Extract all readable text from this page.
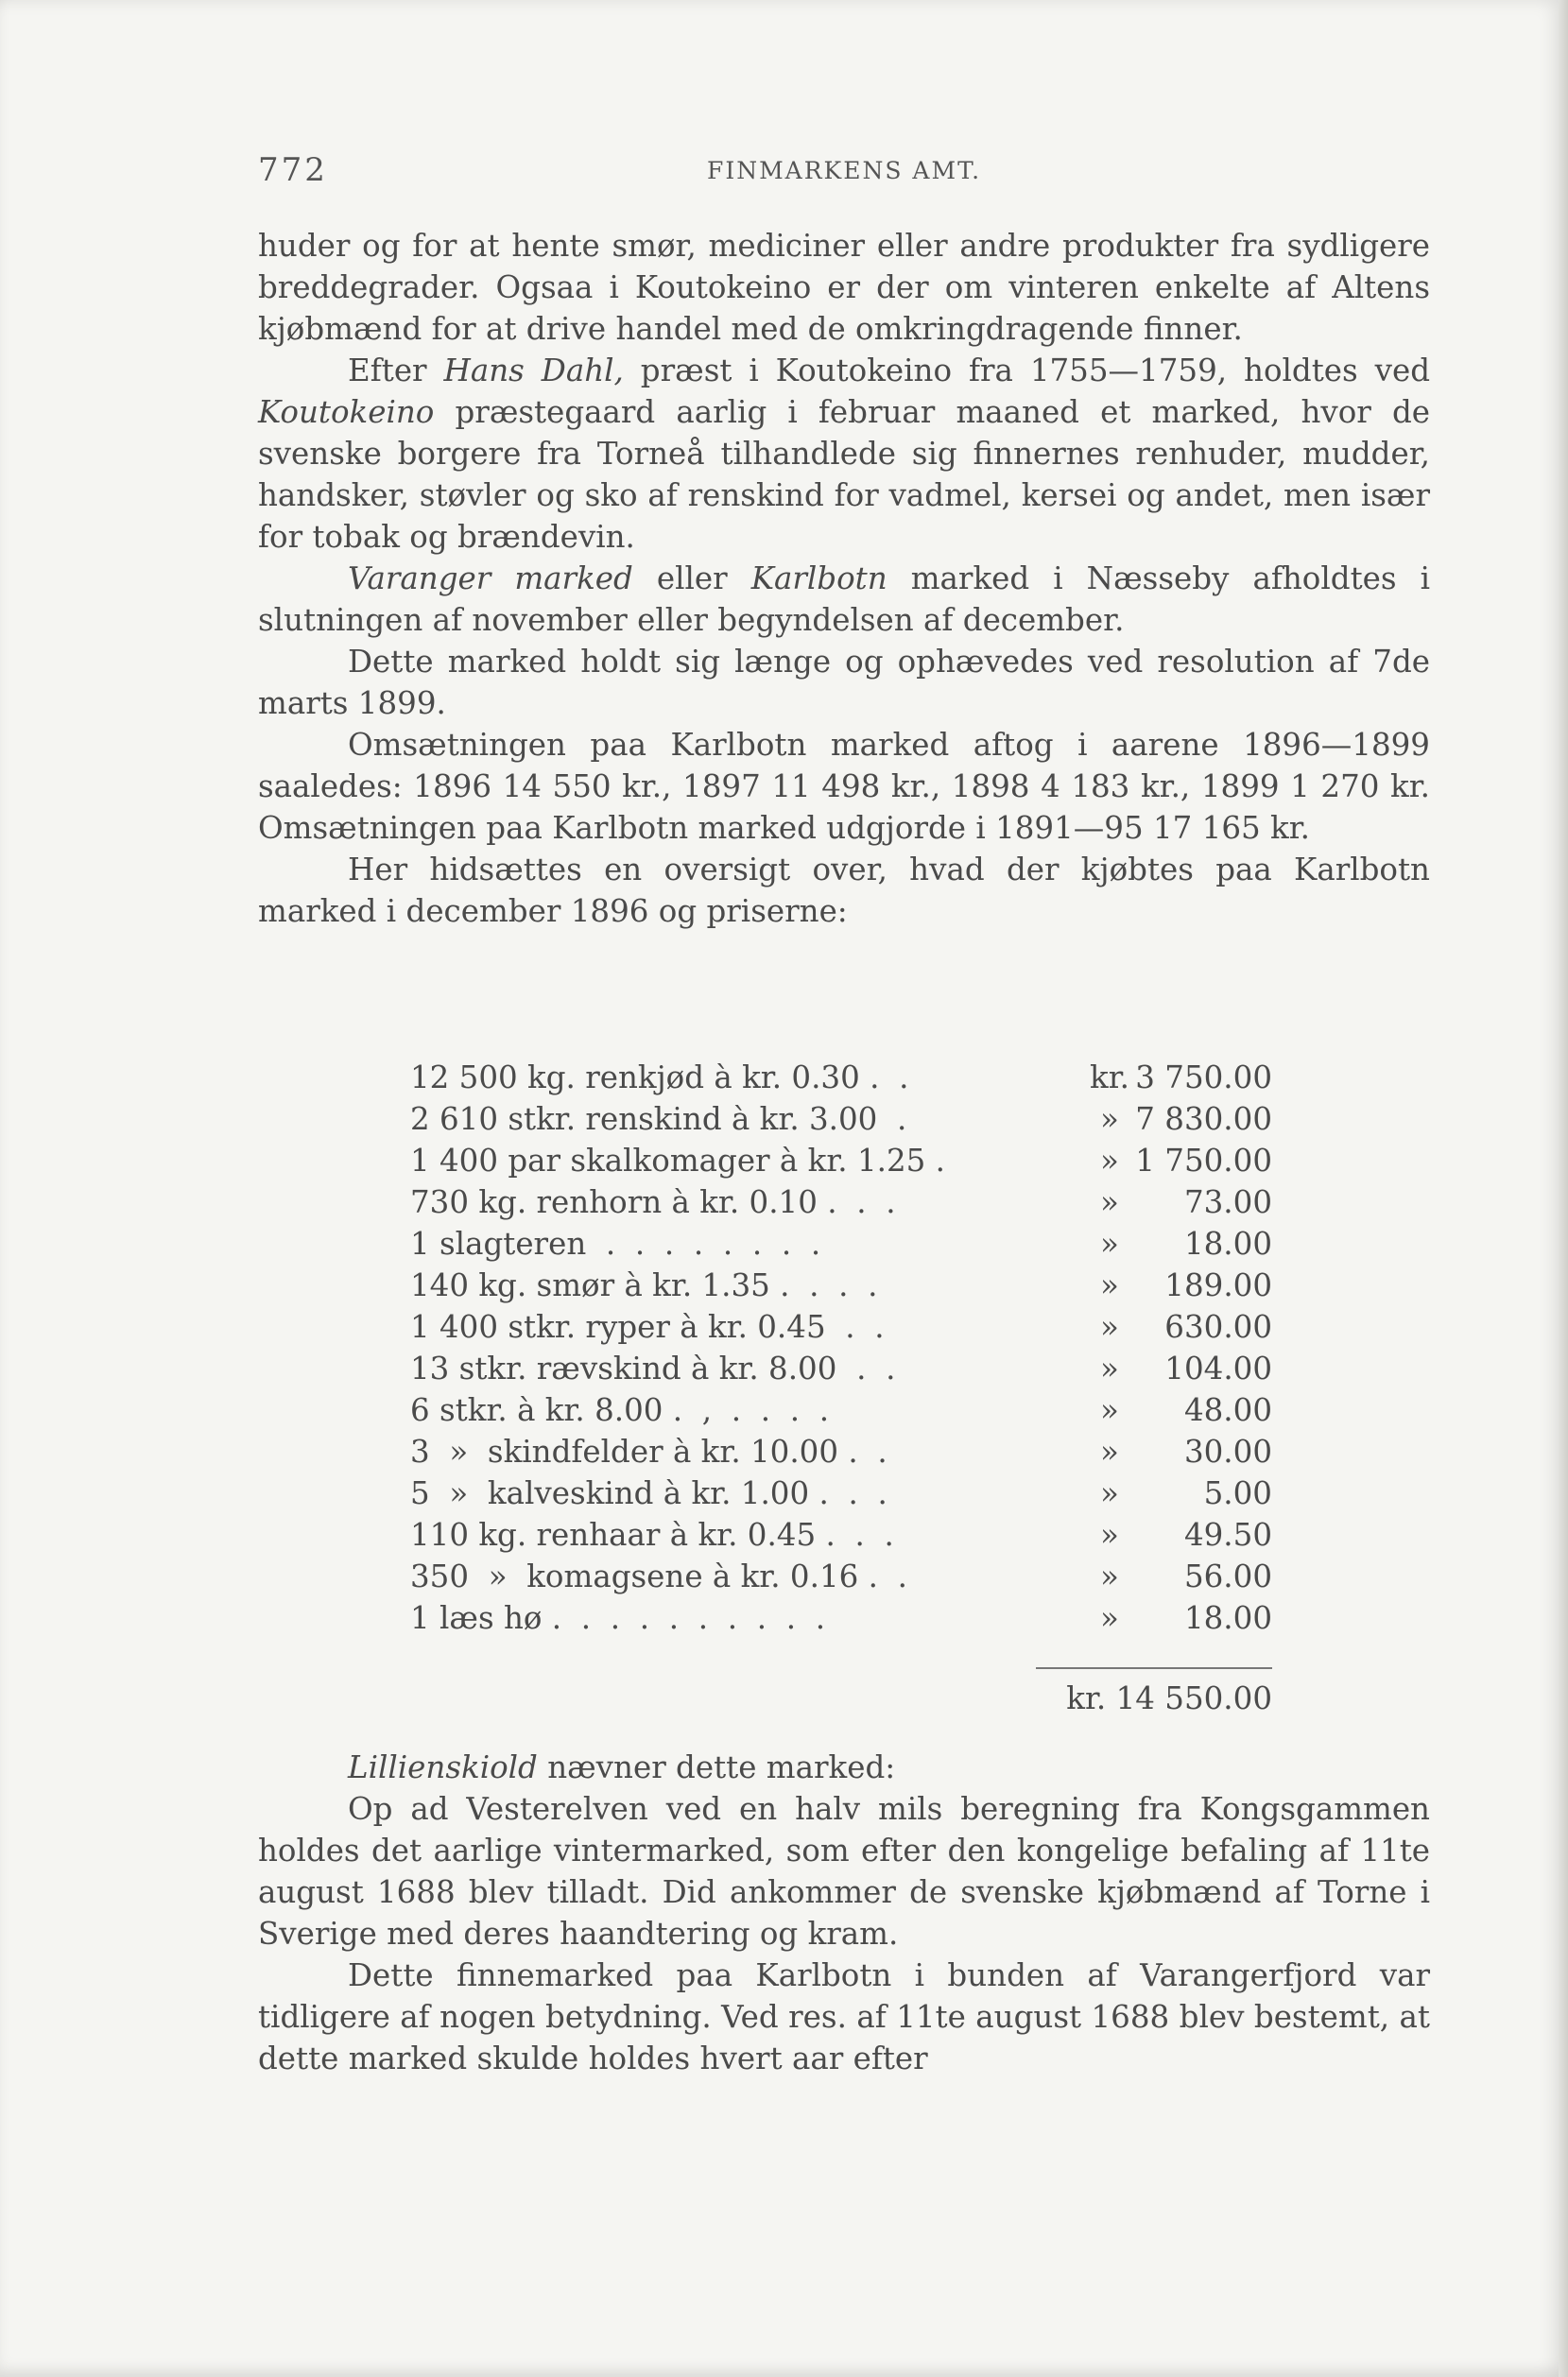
772	FINMARKENS AMT.

huder og for at hente smør, mediciner eller andre produkter fra sydligere breddegrader. Ogsaa i Koutokeino er der om vinteren enkelte af Altens kjøbmænd for at drive handel med de omkringdragende finner.

Efter Hans Dahl, præst i Koutokeino fra 1755—1759, holdtes ved Koutokeino præstegaard aarlig i februar maaned et marked, hvor de svenske borgere fra Torneå tilhandlede sig finnernes renhuder, mudder, handsker, støvler og sko af renskind for vadmel, kersei og andet, men især for tobak og brændevin.

Varanger marked eller Karlbotn marked i Næsseby afholdtes i slutningen af november eller begyndelsen af december.

Dette marked holdt sig længe og ophævedes ved resolution af 7de marts 1899.

Omsætningen paa Karlbotn marked aftog i aarene 1896—1899 saaledes: 1896 14 550 kr., 1897 11 498 kr., 1898 4 183 kr., 1899 1 270 kr. Omsætningen paa Karlbotn marked udgjorde i 1891—95 17 165 kr.

Her hidsættes en oversigt over, hvad der kjøbtes paa Karlbotn marked i december 1896 og priserne:

12 500 kg. renkjød à kr. 0.30 .  .	kr. 3 750.00
2 610 stkr. renskind à kr. 3.00  .	» 7 830.00
1 400 par skalkomager à kr. 1.25 .	» 1 750.00
730 kg. renhorn à kr. 0.10 .  .  .	»	73.00
1 slagteren  .  .  .  .  .  .  .  .	»	18.00
140 kg. smør à kr. 1.35 .  .  .  .	»	189.00
1 400 stkr. ryper à kr. 0.45  .  .	»	630.00
13 stkr. rævskind à kr. 8.00  .  .	»	104.00
6 stkr. à kr. 8.00 .  ,  .  .  .  .	»	48.00
3  »  skindfelder à kr. 10.00 .  .	»	30.00
5  »  kalveskind à kr. 1.00 .  .  .	»	5.00
110 kg. renhaar à kr. 0.45 .  .  .	»	49.50
350  »  komagsene à kr. 0.16 .  .	»	56.00
1 læs hø .  .  .  .  .  .  .  .  .  .	»	18.00
kr. 14 550.00

Lillienskiold nævner dette marked:

Op ad Vesterelven ved en halv mils beregning fra Kongsgammen holdes det aarlige vintermarked, som efter den kongelige befaling af 11te august 1688 blev tilladt. Did ankommer de svenske kjøbmænd af Torne i Sverige med deres haandtering og kram.

Dette finnemarked paa Karlbotn i bunden af Varangerfjord var tidligere af nogen betydning. Ved res. af 11te august 1688 blev bestemt, at dette marked skulde holdes hvert aar efter
